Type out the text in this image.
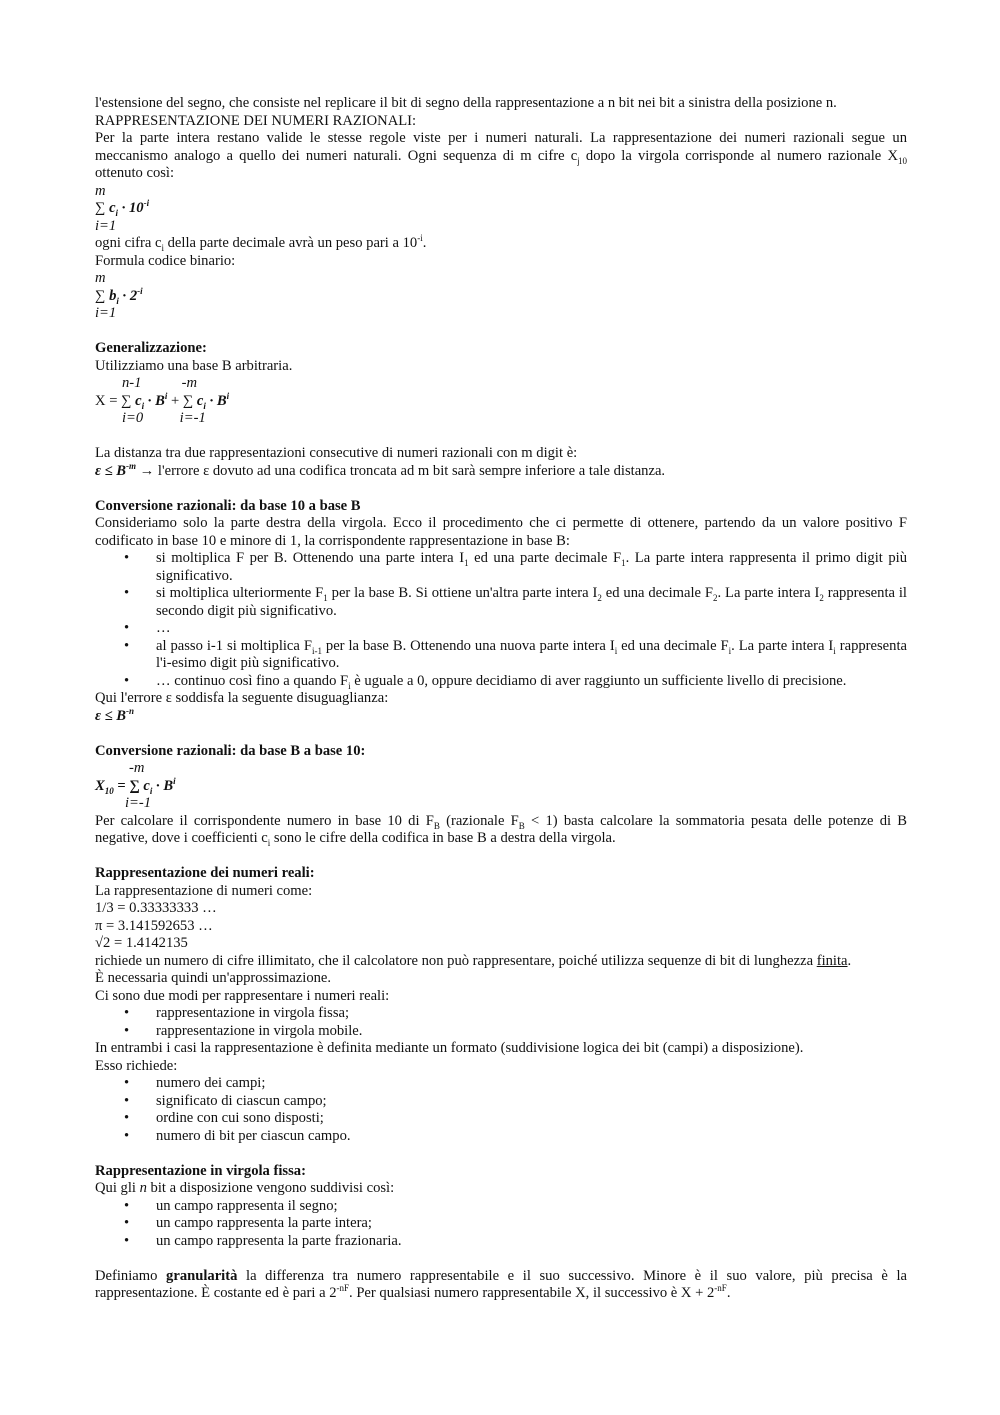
l'estensione del segno, che consiste nel replicare il bit di segno della rappresentazione a n bit nei bit a sinistra della posizione n.

RAPPRESENTAZIONE DEI NUMERI RAZIONALI:

Per la parte intera restano valide le stesse regole viste per i numeri naturali. La rappresentazione dei numeri razionali segue un meccanismo analogo a quello dei numeri naturali. Ogni sequenza di m cifre $c_j$ dopo la virgola corrisponde al numero razionale $X_{10}$ ottenuto così:

m

∑ $c_i \cdot 10^{-i}$

i=1

ogni cifra $c_i$ della parte decimale avrà un peso pari a $10^{-i}$.

Formula codice binario:

m

∑ $b_i \cdot 2^{-i}$

i=1

Generalizzazione:

Utilizziamo una base B arbitraria.

n-1           -m

X = ∑ $c_i \cdot B^i$ + ∑ $c_i \cdot B^i$

i=0          i=-1

La distanza tra due rappresentazioni consecutive di numeri razionali con m digit è:

$\varepsilon \le B^{-m}$ → l'errore ε dovuto ad una codifica troncata ad m bit sarà sempre inferiore a tale distanza.

Conversione razionali: da base 10 a base B

Consideriamo solo la parte destra della virgola. Ecco il procedimento che ci permette di ottenere, partendo da un valore positivo F codificato in base 10 e minore di 1, la corrispondente rappresentazione in base B:

• si moltiplica F per B. Ottenendo una parte intera $I_1$ ed una parte decimale $F_1$. La parte intera rappresenta il primo digit più significativo.
• si moltiplica ulteriormente $F_1$ per la base B. Si ottiene un'altra parte intera $I_2$ ed una decimale $F_2$. La parte intera $I_2$ rappresenta il secondo digit più significativo.
• …
• al passo i-1 si moltiplica $F_{i-1}$ per la base B. Ottenendo una nuova parte intera $I_i$ ed una decimale $F_i$. La parte intera $I_i$ rappresenta l'i-esimo digit più significativo.
• … continuo così fino a quando $F_i$ è uguale a 0, oppure decidiamo di aver raggiunto un sufficiente livello di precisione.

Qui l'errore ε soddisfa la seguente disuguaglianza:

$\varepsilon \le B^{-n}$

Conversione razionali: da base B a base 10:

-m

$X_{10}$ = ∑ $c_i \cdot B^i$

i=-1

Per calcolare il corrispondente numero in base 10 di $F_B$ (razionale $F_B < 1$) basta calcolare la sommatoria pesata delle potenze di B negative, dove i coefficienti $c_i$ sono le cifre della codifica in base B a destra della virgola.

Rappresentazione dei numeri reali:

La rappresentazione di numeri come:

1/3 = 0.33333333 …

π = 3.141592653 …

√2 = 1.4142135

richiede un numero di cifre illimitato, che il calcolatore non può rappresentare, poiché utilizza sequenze di bit di lunghezza finita.

È necessaria quindi un'approssimazione.

Ci sono due modi per rappresentare i numeri reali:

• rappresentazione in virgola fissa;
• rappresentazione in virgola mobile.

In entrambi i casi la rappresentazione è definita mediante un formato (suddivisione logica dei bit (campi) a disposizione).

Esso richiede:

• numero dei campi;
• significato di ciascun campo;
• ordine con cui sono disposti;
• numero di bit per ciascun campo.

Rappresentazione in virgola fissa:

Qui gli n bit a disposizione vengono suddivisi così:

• un campo rappresenta il segno;
• un campo rappresenta la parte intera;
• un campo rappresenta la parte frazionaria.

Definiamo granularità la differenza tra numero rappresentabile e il suo successivo. Minore è il suo valore, più precisa è la rappresentazione. È costante ed è pari a $2^{-nF}$. Per qualsiasi numero rappresentabile X, il successivo è $X + 2^{-nF}$.
